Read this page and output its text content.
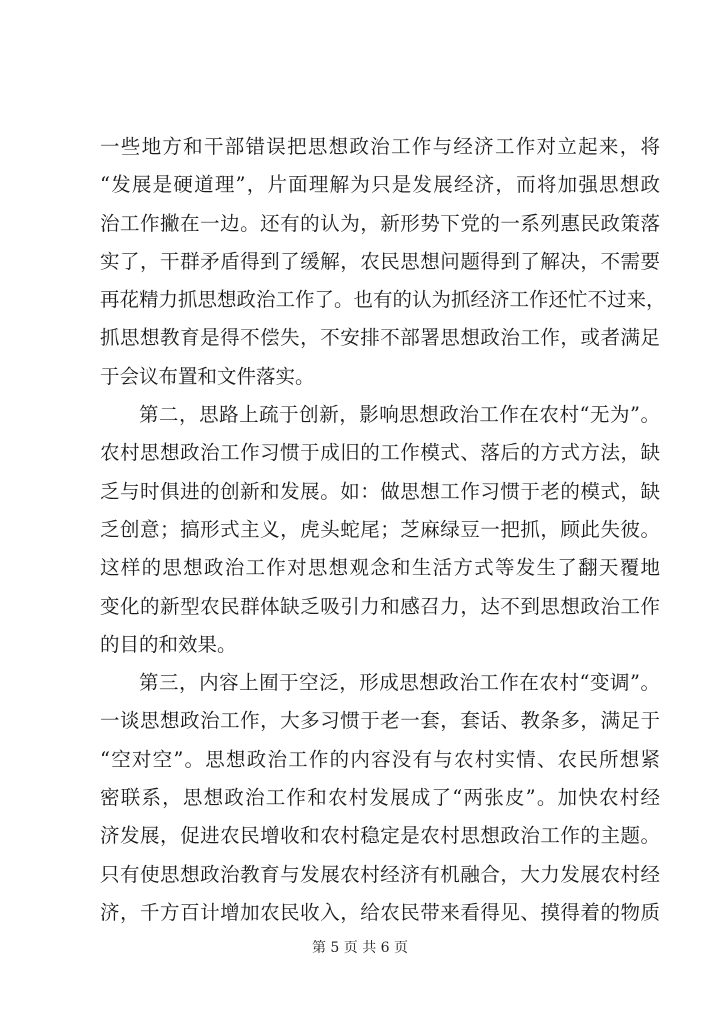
一些地方和干部错误把思想政治工作与经济工作对立起来，将
“发展是硬道理”，片面理解为只是发展经济，而将加强思想政
治工作撇在一边。还有的认为，新形势下党的一系列惠民政策落
实了，干群矛盾得到了缓解，农民思想问题得到了解决，不需要
再花精力抓思想政治工作了。也有的认为抓经济工作还忙不过来，
抓思想教育是得不偿失，不安排不部署思想政治工作，或者满足
于会议布置和文件落实。
第二，思路上疏于创新，影响思想政治工作在农村“无为”。
农村思想政治工作习惯于成旧的工作模式、落后的方式方法，缺
乏与时俱进的创新和发展。如：做思想工作习惯于老的模式，缺
乏创意；搞形式主义，虎头蛇尾；芝麻绿豆一把抓，顾此失彼。
这样的思想政治工作对思想观念和生活方式等发生了翻天覆地
变化的新型农民群体缺乏吸引力和感召力，达不到思想政治工作
的目的和效果。
第三，内容上囿于空泛，形成思想政治工作在农村“变调”。
一谈思想政治工作，大多习惯于老一套，套话、教条多，满足于
“空对空”。思想政治工作的内容没有与农村实情、农民所想紧
密联系，思想政治工作和农村发展成了“两张皮”。加快农村经
济发展，促进农民增收和农村稳定是农村思想政治工作的主题。
只有使思想政治教育与发展农村经济有机融合，大力发展农村经
济，千方百计增加农民收入，给农民带来看得见、摸得着的物质
第 5 页 共 6 页
